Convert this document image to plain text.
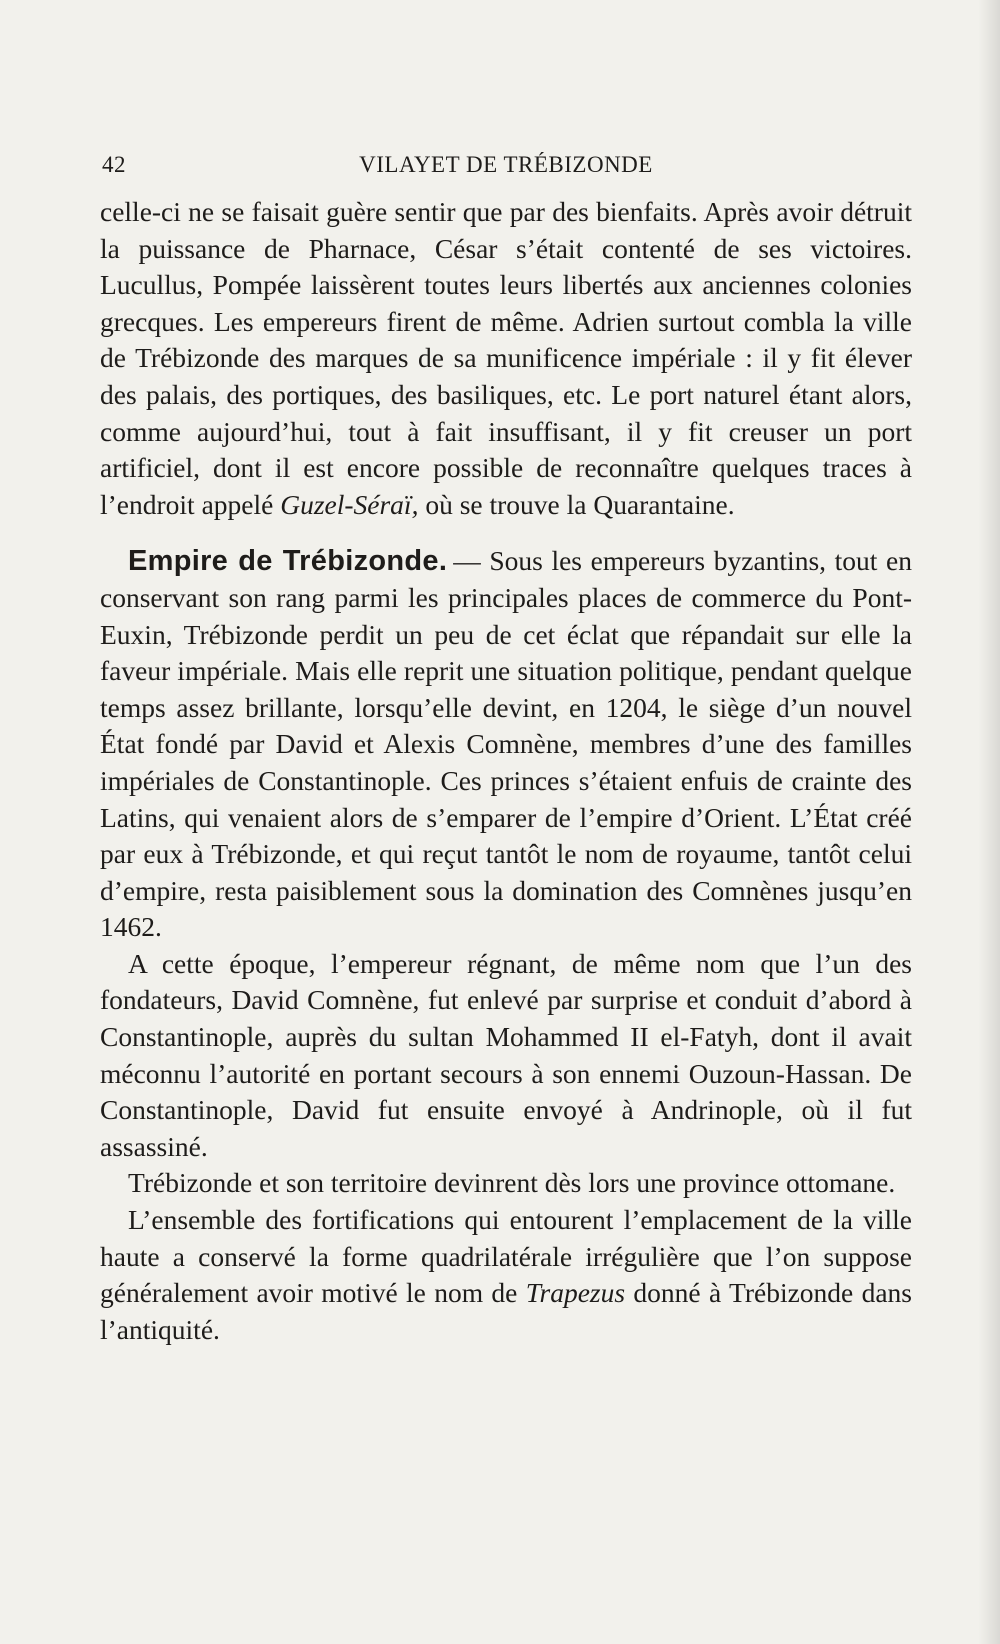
42	VILAYET DE TRÉBIZONDE

celle-ci ne se faisait guère sentir que par des bienfaits. Après avoir détruit la puissance de Pharnace, César s’était contenté de ses victoires. Lucullus, Pompée laissèrent toutes leurs libertés aux anciennes colonies grecques. Les empereurs firent de même. Adrien surtout combla la ville de Trébizonde des marques de sa munificence impériale : il y fit élever des palais, des portiques, des basiliques, etc. Le port naturel étant alors, comme aujourd’hui, tout à fait insuffisant, il y fit creuser un port artificiel, dont il est encore possible de reconnaître quelques traces à l’endroit appelé Guzel-Séraï, où se trouve la Quarantaine.

Empire de Trébizonde. — Sous les empereurs byzantins, tout en conservant son rang parmi les principales places de commerce du Pont-Euxin, Trébizonde perdit un peu de cet éclat que répandait sur elle la faveur impériale. Mais elle reprit une situation politique, pendant quelque temps assez brillante, lorsqu’elle devint, en 1204, le siège d’un nouvel État fondé par David et Alexis Comnène, membres d’une des familles impériales de Constantinople. Ces princes s’étaient enfuis de crainte des Latins, qui venaient alors de s’emparer de l’empire d’Orient. L’État créé par eux à Trébizonde, et qui reçut tantôt le nom de royaume, tantôt celui d’empire, resta paisiblement sous la domination des Comnènes jusqu’en 1462.

A cette époque, l’empereur régnant, de même nom que l’un des fondateurs, David Comnène, fut enlevé par surprise et conduit d’abord à Constantinople, auprès du sultan Mohammed II el-Fatyh, dont il avait méconnu l’autorité en portant secours à son ennemi Ouzoun-Hassan. De Constantinople, David fut ensuite envoyé à Andrinople, où il fut assassiné.

Trébizonde et son territoire devinrent dès lors une province ottomane.

L’ensemble des fortifications qui entourent l’emplacement de la ville haute a conservé la forme quadrilatérale irrégulière que l’on suppose généralement avoir motivé le nom de Trapezus donné à Trébizonde dans l’antiquité.
